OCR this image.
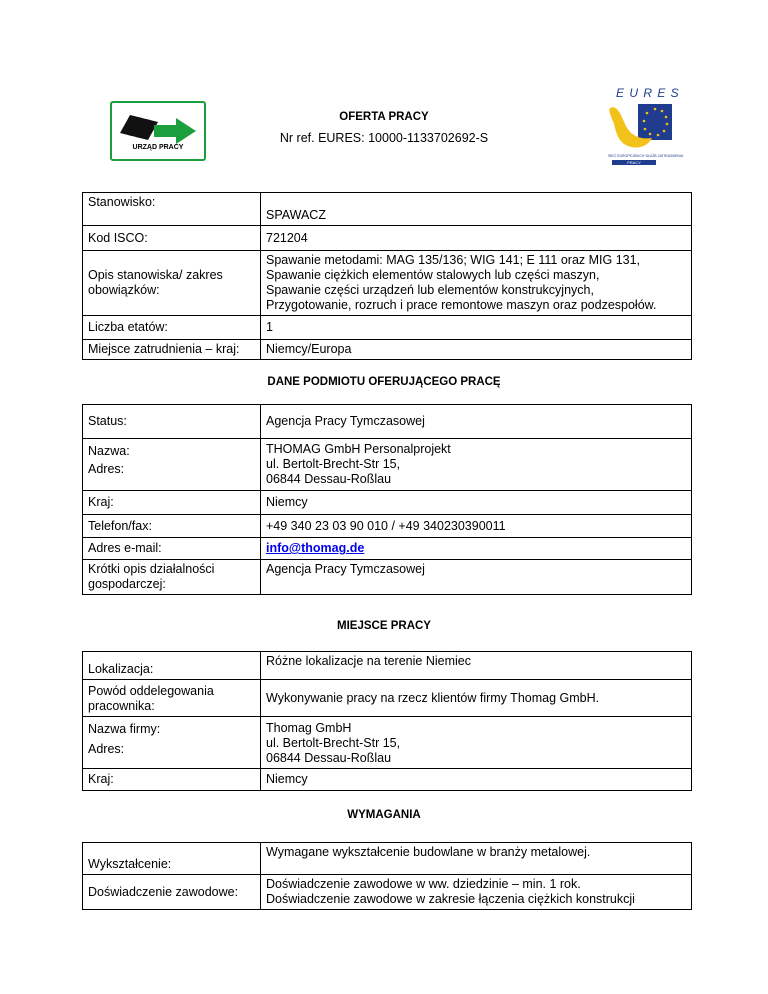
URZĄD PRACY
E U R E S
SIEĆ EUROPEJSKICH SŁUŻB ZATRUDNIENIA
PRACY
OFERTA PRACY
Nr ref. EURES: 10000-1133702692-S
Stanowisko:	SPAWACZ
Kod ISCO:	721204
Opis stanowiska/ zakres obowiązków:	Spawanie metodami: MAG 135/136; WIG 141; E 111 oraz MIG 131,
Spawanie ciężkich elementów stalowych lub części maszyn,
Spawanie części urządzeń lub elementów konstrukcyjnych,
Przygotowanie, rozruch i prace remontowe maszyn oraz podzespołów.

Liczba etatów:	1
Miejsce zatrudnienia – kraj:	Niemcy/Europa
DANE PODMIOTU OFERUJĄCEGO PRACĘ
Status:	Agencja Pracy Tymczasowej

Nazwa:
Adres:	THOMAG GmbH Personalprojekt
ul. Bertolt-Brecht-Str 15,
06844 Dessau-Roßlau

Kraj:	Niemcy
Telefon/fax:	+49 340 23 03 90 010 / +49 340230390011
Adres e-mail:	info@thomag.de
Krótki opis działalności gospodarczej:	Agencja Pracy Tymczasowej
MIEJSCE PRACY
Lokalizacja:	Różne lokalizacje na terenie Niemiec
Powód oddelegowania pracownika:	Wykonywanie pracy na rzecz klientów firmy Thomag GmbH.

Nazwa firmy:
Adres:	Thomag GmbH
ul. Bertolt-Brecht-Str 15,
06844 Dessau-Roßlau

Kraj:	Niemcy
WYMAGANIA
Wykształcenie:	Wymagane wykształcenie budowlane w branży metalowej.
Doświadczenie zawodowe:	Doświadczenie zawodowe w ww. dziedzinie – min. 1 rok.
Doświadczenie zawodowe w zakresie łączenia ciężkich konstrukcji
